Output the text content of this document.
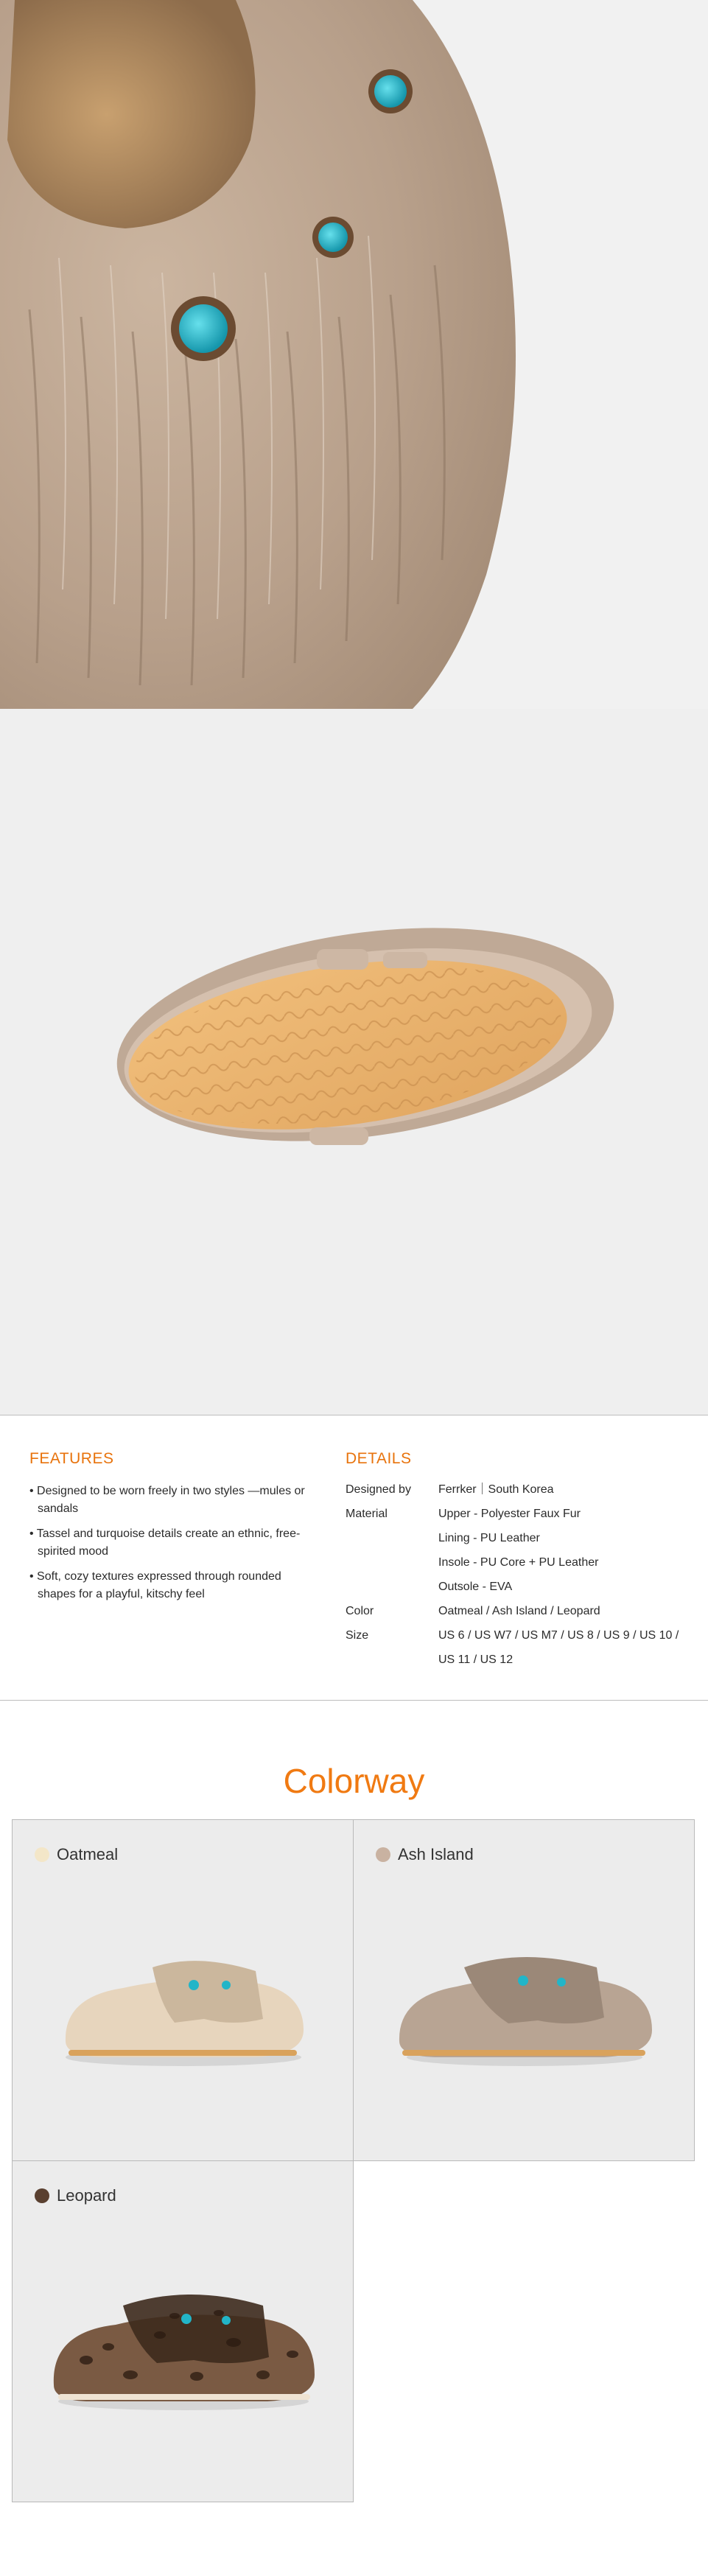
FEATURES
• Designed to be worn freely in two styles —mules or sandals
• Tassel and turquoise details create an ethnic, free-spirited mood
• Soft, cozy textures expressed through rounded shapes for a playful, kitschy feel
DETAILS
Designed by	Ferrker｜South Korea
Material	Upper - Polyester Faux Fur
Lining - PU Leather
Insole - PU Core + PU Leather
Outsole - EVA
Color	Oatmeal / Ash Island / Leopard
Size	US 6 / US W7 / US M7 / US 8 / US 9 / US 10 /
US 11 / US 12
Colorway
Oatmeal	Ash Island
Leopard
